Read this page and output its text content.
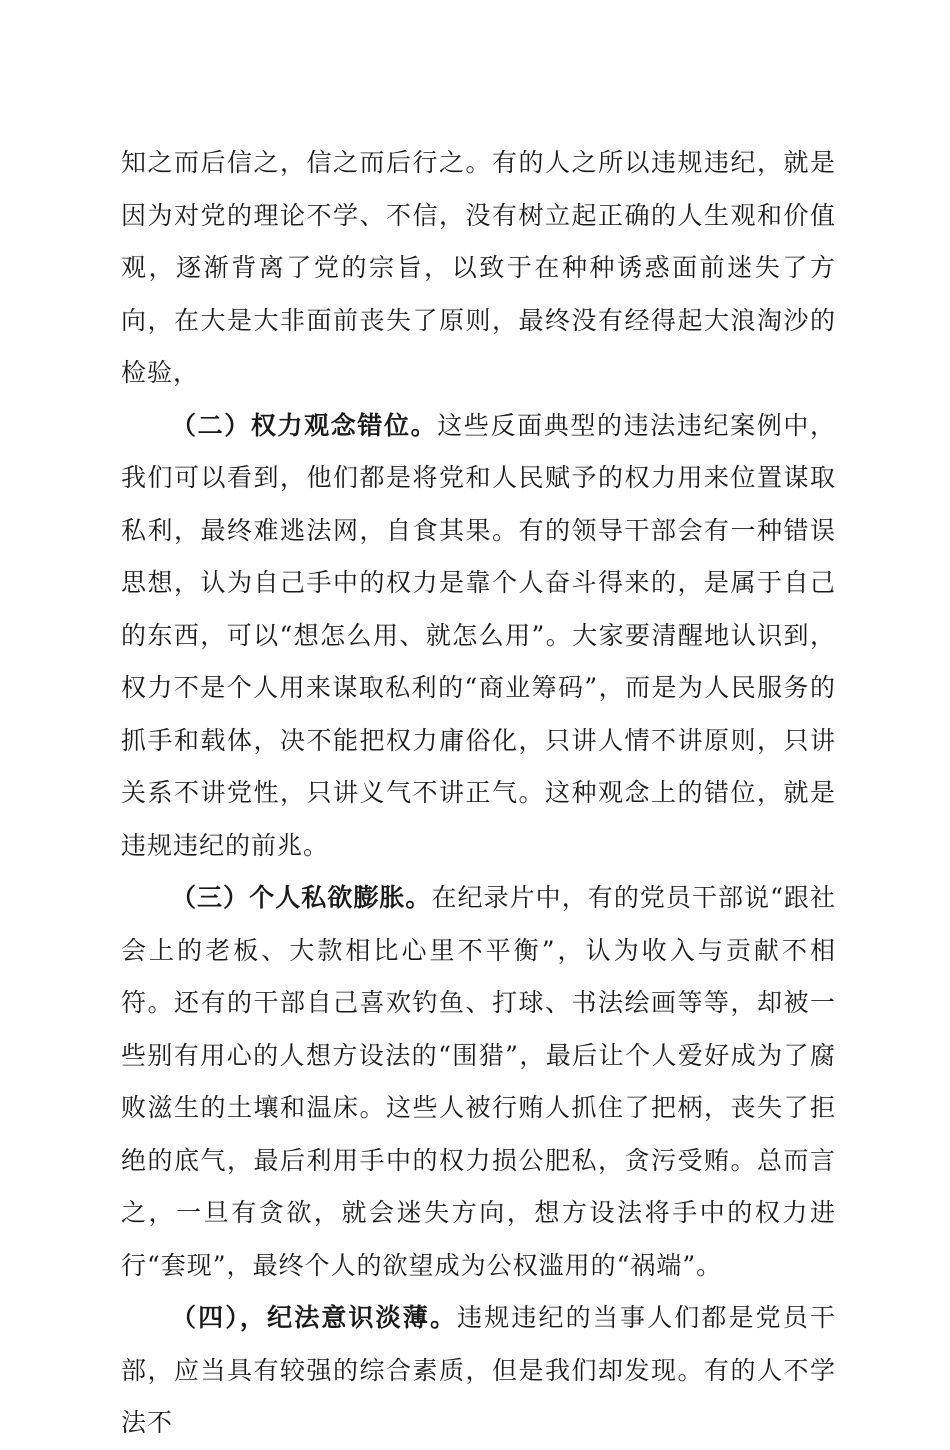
知之而后信之，信之而后行之。有的人之所以违规违纪，就是因为对党的理论不学、不信，没有树立起正确的人生观和价值观，逐渐背离了党的宗旨，以致于在种种诱惑面前迷失了方向，在大是大非面前丧失了原则，最终没有经得起大浪淘沙的检验，

（二）权力观念错位。这些反面典型的违法违纪案例中，我们可以看到，他们都是将党和人民赋予的权力用来位置谋取私利，最终难逃法网，自食其果。有的领导干部会有一种错误思想，认为自己手中的权力是靠个人奋斗得来的，是属于自己的东西，可以“想怎么用、就怎么用”。大家要清醒地认识到，权力不是个人用来谋取私利的“商业筹码”，而是为人民服务的抓手和载体，决不能把权力庸俗化，只讲人情不讲原则，只讲关系不讲党性，只讲义气不讲正气。这种观念上的错位，就是违规违纪的前兆。

（三）个人私欲膨胀。在纪录片中，有的党员干部说“跟社会上的老板、大款相比心里不平衡”，认为收入与贡献不相符。还有的干部自己喜欢钓鱼、打球、书法绘画等等，却被一些别有用心的人想方设法的“围猎”，最后让个人爱好成为了腐败滋生的土壤和温床。这些人被行贿人抓住了把柄，丧失了拒绝的底气，最后利用手中的权力损公肥私，贪污受贿。总而言之，一旦有贪欲，就会迷失方向，想方设法将手中的权力进行“套现”，最终个人的欲望成为公权滥用的“祸端”。

（四），纪法意识淡薄。违规违纪的当事人们都是党员干部，应当具有较强的综合素质，但是我们却发现。有的人不学法不
